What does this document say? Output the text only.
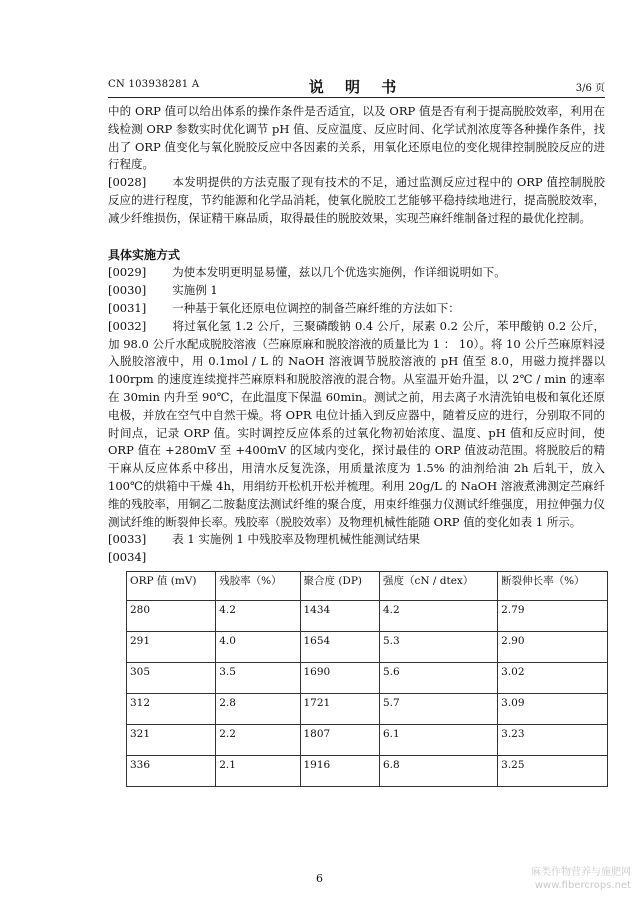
CN 103938281 A	说 明 书	3/6 页

中的 ORP 值可以给出体系的操作条件是否适宜，以及 ORP 值是否有利于提高脱胶效率，利用在线检测 ORP 参数实时优化调节 pH 值、反应温度、反应时间、化学试剂浓度等各种操作条件，找出了 ORP 值变化与氧化脱胶反应中各因素的关系，用氧化还原电位的变化规律控制脱胶反应的进行程度。

[0028] 本发明提供的方法克服了现有技术的不足，通过监测反应过程中的 ORP 值控制脱胶反应的进行程度，节约能源和化学品消耗，使氧化脱胶工艺能够平稳持续地进行，提高脱胶效率，减少纤维损伤，保证精干麻品质，取得最佳的脱胶效果，实现苎麻纤维制备过程的最优化控制。

具体实施方式

[0029] 为使本发明更明显易懂，兹以几个优选实施例，作详细说明如下。

[0030] 实施例 1

[0031] 一种基于氧化还原电位调控的制备苎麻纤维的方法如下：

[0032] 将过氧化氢 1.2 公斤，三聚磷酸钠 0.4 公斤，尿素 0.2 公斤，苯甲酸钠 0.2 公斤，加 98.0 公斤水配成脱胶溶液（苎麻原麻和脱胶溶液的质量比为 1 ： 10）。将 10 公斤苎麻原料浸入脱胶溶液中，用 0.1mol / L 的 NaOH 溶液调节脱胶溶液的 pH 值至 8.0，用磁力搅拌器以 100rpm 的速度连续搅拌苎麻原料和脱胶溶液的混合物。从室温开始升温，以 2℃ / min 的速率在 30min 内升至 90℃，在此温度下保温 60min。测试之前，用去离子水清洗铂电极和氧化还原电极，并放在空气中自然干燥。将 OPR 电位计插入到反应器中，随着反应的进行，分别取不同的时间点，记录 ORP 值。实时调控反应体系的过氧化物初始浓度、温度、pH 值和反应时间，使 ORP 值在 +280mV 至 +400mV 的区域内变化，探讨最佳的 ORP 值波动范围。将脱胶后的精干麻从反应体系中移出，用清水反复洗涤，用质量浓度为 1.5% 的油剂给油 2h 后轧干，放入 100℃的烘箱中干燥 4h，用绢纺开松机开松并梳理。利用 20g/L 的 NaOH 溶液煮沸测定苎麻纤维的残胶率，用铜乙二胺黏度法测试纤维的聚合度，用束纤维强力仪测试纤维强度，用拉伸强力仪测试纤维的断裂伸长率。残胶率（脱胶效率）及物理机械性能随 ORP 值的变化如表 1 所示。

[0033] 表 1 实施例 1 中残胶率及物理机械性能测试结果

[0034]

ORP 值 (mV)	残胶率（%）	聚合度 (DP)	强度（cN / dtex）	断裂伸长率（%）
280	4.2	1434	4.2	2.79
291	4.0	1654	5.3	2.90
305	3.5	1690	5.6	3.02
312	2.8	1721	5.7	3.09
321	2.2	1807	6.1	3.23
336	2.1	1916	6.8	3.25
6	麻类作物营养与施肥网
www.fibercrops.net
